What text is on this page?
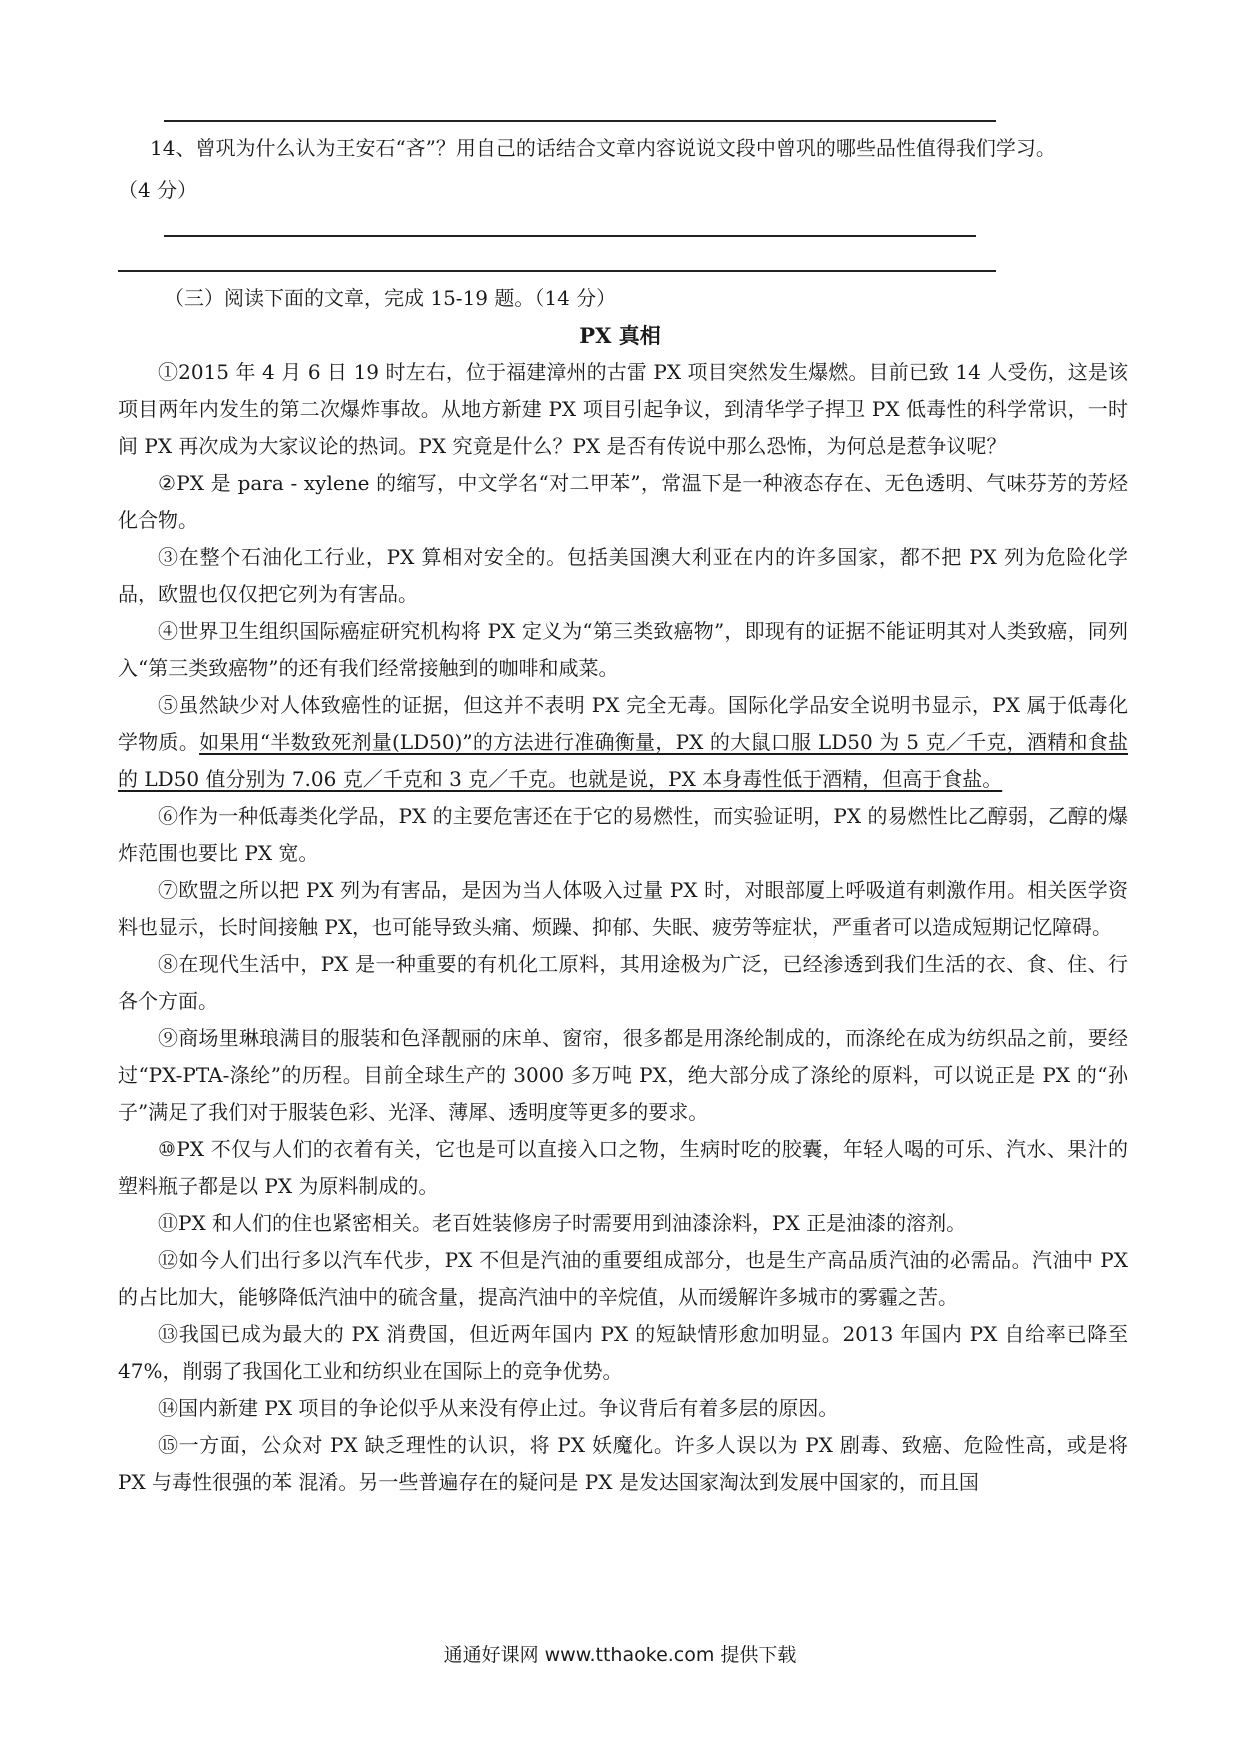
14、曾巩为什么认为王安石“吝”？用自己的话结合文章内容说说文段中曾巩的哪些品性值得我们学习。
（4 分）
（三）阅读下面的文章，完成 15-19 题。（14 分）
PX 真相

①2015 年 4 月 6 日 19 时左右，位于福建漳州的古雷 PX 项目突然发生爆燃。目前已致 14 人受伤，这是该项目两年内发生的第二次爆炸事故。从地方新建 PX 项目引起争议，到清华学子捍卫 PX 低毒性的科学常识，一时间 PX 再次成为大家议论的热词。PX 究竟是什么？PX 是否有传说中那么恐怖，为何总是惹争议呢？

②PX 是 para - xylene 的缩写，中文学名“对二甲苯”，常温下是一种液态存在、无色透明、气味芬芳的芳烃化合物。

③在整个石油化工行业，PX 算相对安全的。包括美国澳大利亚在内的许多国家，都不把 PX 列为危险化学品，欧盟也仅仅把它列为有害品。

④世界卫生组织国际癌症研究机构将 PX 定义为“第三类致癌物”，即现有的证据不能证明其对人类致癌，同列入“第三类致癌物”的还有我们经常接触到的咖啡和咸菜。

⑤虽然缺少对人体致癌性的证据，但这并不表明 PX 完全无毒。国际化学品安全说明书显示，PX 属于低毒化学物质。如果用“半数致死剂量(LD50)”的方法进行准确衡量，PX 的大鼠口服 LD50 为 5 克／千克，酒精和食盐的 LD50 值分别为 7.06 克／千克和 3 克／千克。也就是说，PX 本身毒性低于酒精，但高于食盐。

⑥作为一种低毒类化学品，PX 的主要危害还在于它的易燃性，而实验证明，PX 的易燃性比乙醇弱，乙醇的爆炸范围也要比 PX 宽。

⑦欧盟之所以把 PX 列为有害品，是因为当人体吸入过量 PX 时，对眼部厦上呼吸道有刺激作用。相关医学资料也显示，长时间接触 PX，也可能导致头痛、烦躁、抑郁、失眠、疲劳等症状，严重者可以造成短期记忆障碍。

⑧在现代生活中，PX 是一种重要的有机化工原料，其用途极为广泛，已经渗透到我们生活的衣、食、住、行各个方面。

⑨商场里琳琅满目的服装和色泽靓丽的床单、窗帘，很多都是用涤纶制成的，而涤纶在成为纺织品之前，要经过“PX-PTA-涤纶”的历程。目前全球生产的 3000 多万吨 PX，绝大部分成了涤纶的原料，可以说正是 PX 的“孙子”满足了我们对于服装色彩、光泽、薄犀、透明度等更多的要求。

⑩PX 不仅与人们的衣着有关，它也是可以直接入口之物，生病时吃的胶囊，年轻人喝的可乐、汽水、果汁的塑料瓶子都是以 PX 为原料制成的。

⑪PX 和人们的住也紧密相关。老百姓装修房子时需要用到油漆涂料，PX 正是油漆的溶剂。

⑫如今人们出行多以汽车代步，PX 不但是汽油的重要组成部分，也是生产高品质汽油的必需品。汽油中 PX 的占比加大，能够降低汽油中的硫含量，提高汽油中的辛烷值，从而缓解许多城市的雾霾之苦。

⑬我国已成为最大的 PX 消费国，但近两年国内 PX 的短缺情形愈加明显。2013 年国内 PX 自给率已降至 47%，削弱了我国化工业和纺织业在国际上的竞争优势。

⑭国内新建 PX 项目的争论似乎从来没有停止过。争议背后有着多层的原因。

⑮一方面，公众对 PX 缺乏理性的认识，将 PX 妖魔化。许多人误以为 PX 剧毒、致癌、危险性高，或是将 PX 与毒性很强的苯 混淆。另一些普遍存在的疑问是 PX 是发达国家淘汰到发展中国家的，而且国

通通好课网 www.tthaoke.com 提供下载
